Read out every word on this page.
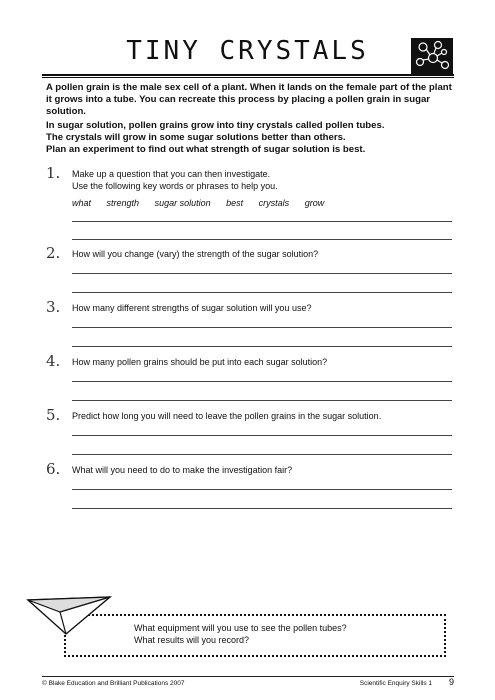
TINY CRYSTALS

A pollen grain is the male sex cell of a plant. When it lands on the female part of the plant it grows into a tube. You can recreate this process by placing a pollen grain in sugar solution.

In sugar solution, pollen grains grow into tiny crystals called pollen tubes.

The crystals will grow in some sugar solutions better than others.

Plan an experiment to find out what strength of sugar solution is best.

1. Make up a question that you can then investigate.
Use the following key words or phrases to help you.
what strength sugar solution best crystals grow
2. How will you change (vary) the strength of the sugar solution?
3. How many different strengths of sugar solution will you use?
4. How many pollen grains should be put into each sugar solution?
5. Predict how long you will need to leave the pollen grains in the sugar solution.
6. What will you need to do to make the investigation fair?
What equipment will you use to see the pollen tubes?
What results will you record?
© Blake Education and Brilliant Publications 2007	Scientific Enquiry Skills 1 9
